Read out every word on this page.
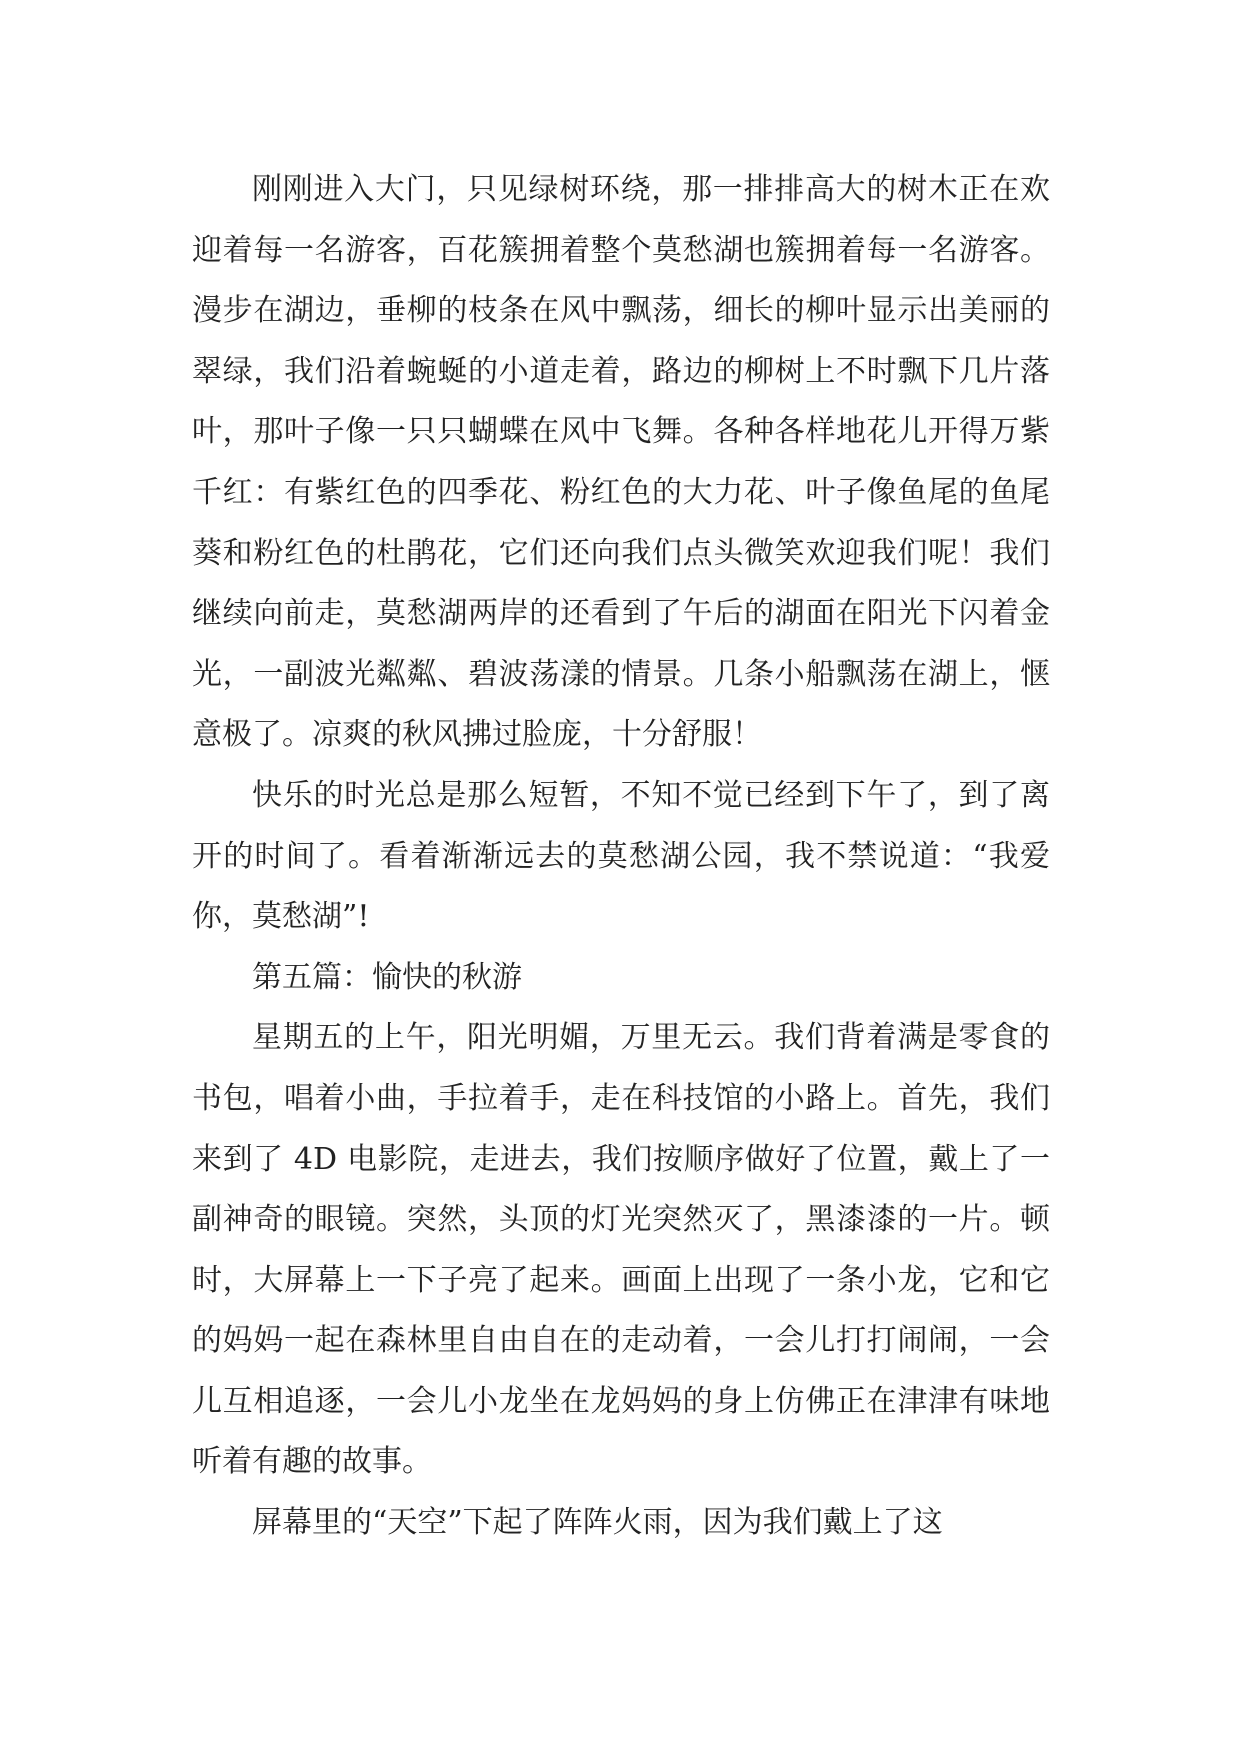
刚刚进入大门，只见绿树环绕，那一排排高大的树木正在欢迎着每一名游客，百花簇拥着整个莫愁湖也簇拥着每一名游客。漫步在湖边，垂柳的枝条在风中飘荡，细长的柳叶显示出美丽的翠绿，我们沿着蜿蜒的小道走着，路边的柳树上不时飘下几片落叶，那叶子像一只只蝴蝶在风中飞舞。各种各样地花儿开得万紫千红：有紫红色的四季花、粉红色的大力花、叶子像鱼尾的鱼尾葵和粉红色的杜鹃花，它们还向我们点头微笑欢迎我们呢！我们继续向前走，莫愁湖两岸的还看到了午后的湖面在阳光下闪着金光，一副波光粼粼、碧波荡漾的情景。几条小船飘荡在湖上，惬意极了。凉爽的秋风拂过脸庞，十分舒服！

快乐的时光总是那么短暂，不知不觉已经到下午了，到了离开的时间了。看着渐渐远去的莫愁湖公园，我不禁说道：“我爱你，莫愁湖”!

第五篇：愉快的秋游

星期五的上午，阳光明媚，万里无云。我们背着满是零食的书包，唱着小曲，手拉着手，走在科技馆的小路上。首先，我们来到了 4D 电影院，走进去，我们按顺序做好了位置，戴上了一副神奇的眼镜。突然，头顶的灯光突然灭了，黑漆漆的一片。顿时，大屏幕上一下子亮了起来。画面上出现了一条小龙，它和它的妈妈一起在森林里自由自在的走动着，一会儿打打闹闹，一会儿互相追逐，一会儿小龙坐在龙妈妈的身上仿佛正在津津有味地听着有趣的故事。

屏幕里的“天空”下起了阵阵火雨，因为我们戴上了这
